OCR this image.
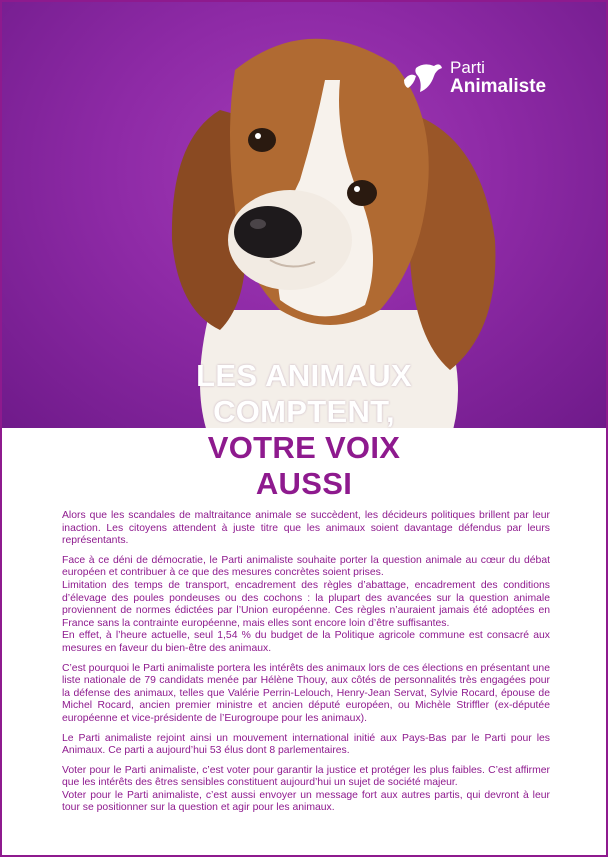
Parti
Animaliste
LES ANIMAUX
COMPTENT,
VOTRE VOIX
AUSSI

Alors que les scandales de maltraitance animale se succèdent, les décideurs politiques brillent par leur inaction. Les citoyens attendent à juste titre que les animaux soient davantage défendus par leurs représentants.

Face à ce déni de démocratie, le Parti animaliste souhaite porter la question animale au cœur du débat européen et contribuer à ce que des mesures concrètes soient prises.

Limitation des temps de transport, encadrement des règles d’abattage, encadrement des conditions d’élevage des poules pondeuses ou des cochons : la plupart des avancées sur la question animale proviennent de normes édictées par l’Union européenne. Ces règles n’auraient jamais été adoptées en France sans la contrainte européenne, mais elles sont encore loin d’être suffisantes.

En effet, à l’heure actuelle, seul 1,54 % du budget de la Politique agricole commune est consacré aux mesures en faveur du bien-être des animaux.

C’est pourquoi le Parti animaliste portera les intérêts des animaux lors de ces élections en présentant une liste nationale de 79 candidats menée par Hélène Thouy, aux côtés de personnalités très engagées pour la défense des animaux, telles que Valérie Perrin-Lelouch, Henry-Jean Servat, Sylvie Rocard, épouse de Michel Rocard, ancien premier ministre et ancien député européen, ou Michèle Striffler (ex-députée européenne et vice-présidente de l’Eurogroupe pour les animaux).

Le Parti animaliste rejoint ainsi un mouvement international initié aux Pays-Bas par le Parti pour les Animaux. Ce parti a aujourd’hui 53 élus dont 8 parlementaires.

Voter pour le Parti animaliste, c’est voter pour garantir la justice et protéger les plus faibles. C’est affirmer que les intérêts des êtres sensibles constituent aujourd’hui un sujet de société majeur.

Voter pour le Parti animaliste, c’est aussi envoyer un message fort aux autres partis, qui devront à leur tour se positionner sur la question et agir pour les animaux.
